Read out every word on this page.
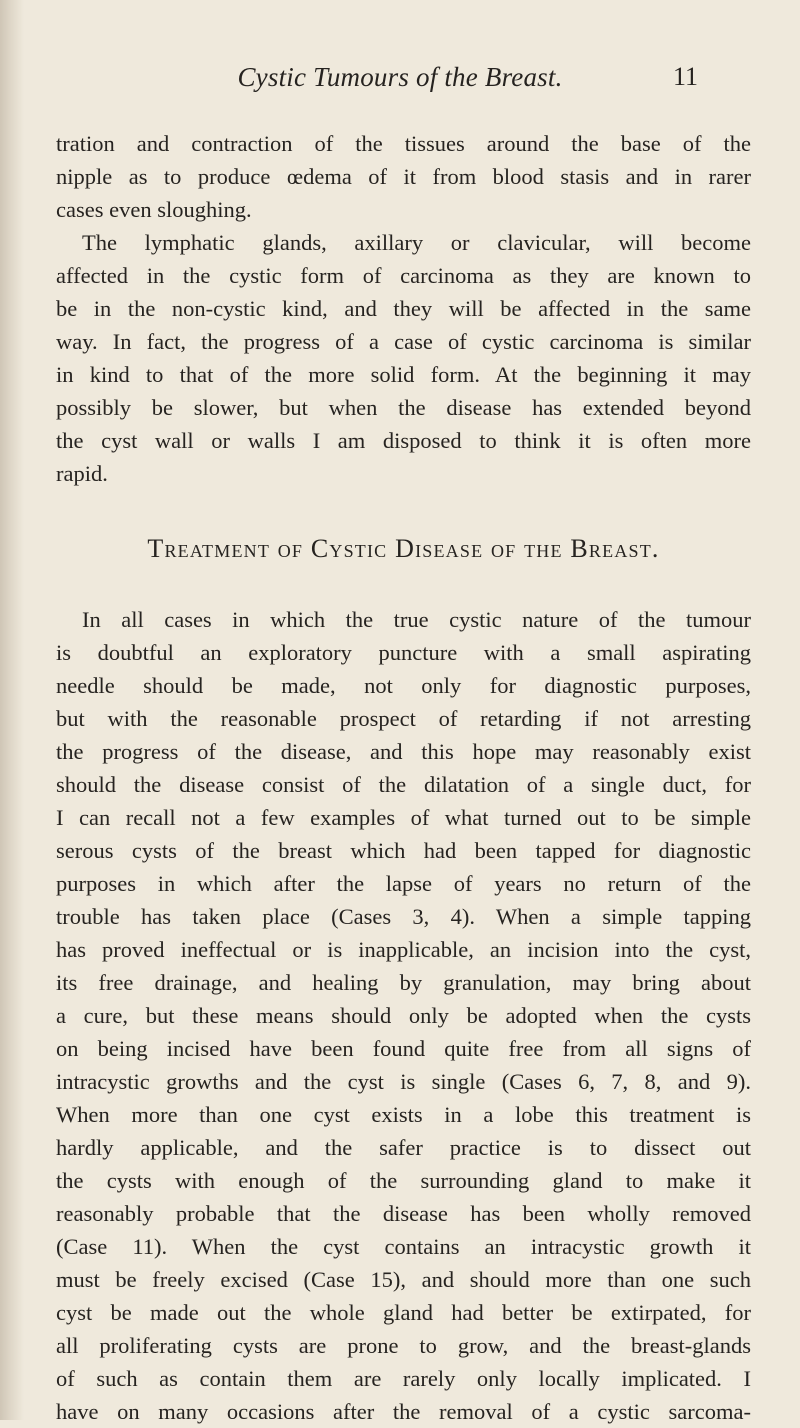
Cystic Tumours of the Breast.	11
tration and contraction of the tissues around the base of the
nipple as to produce œdema of it from blood stasis and in rarer
cases even sloughing.
The lymphatic glands, axillary or clavicular, will become
affected in the cystic form of carcinoma as they are known to
be in the non-cystic kind, and they will be affected in the same
way. In fact, the progress of a case of cystic carcinoma is similar
in kind to that of the more solid form. At the beginning it may
possibly be slower, but when the disease has extended beyond
the cyst wall or walls I am disposed to think it is often more
rapid.
Treatment of Cystic Disease of the Breast.
In all cases in which the true cystic nature of the tumour
is doubtful an exploratory puncture with a small aspirating
needle should be made, not only for diagnostic purposes,
but with the reasonable prospect of retarding if not arresting
the progress of the disease, and this hope may reasonably exist
should the disease consist of the dilatation of a single duct, for
I can recall not a few examples of what turned out to be simple
serous cysts of the breast which had been tapped for diagnostic
purposes in which after the lapse of years no return of the
trouble has taken place (Cases 3, 4). When a simple tapping
has proved ineffectual or is inapplicable, an incision into the cyst,
its free drainage, and healing by granulation, may bring about
a cure, but these means should only be adopted when the cysts
on being incised have been found quite free from all signs of
intracystic growths and the cyst is single (Cases 6, 7, 8, and 9).
When more than one cyst exists in a lobe this treatment is
hardly applicable, and the safer practice is to dissect out
the cysts with enough of the surrounding gland to make it
reasonably probable that the disease has been wholly removed
(Case 11). When the cyst contains an intracystic growth it
must be freely excised (Case 15), and should more than one such
cyst be made out the whole gland had better be extirpated, for
all proliferating cysts are prone to grow, and the breast-glands
of such as contain them are rarely only locally implicated. I
have on many occasions after the removal of a cystic sarcoma-
